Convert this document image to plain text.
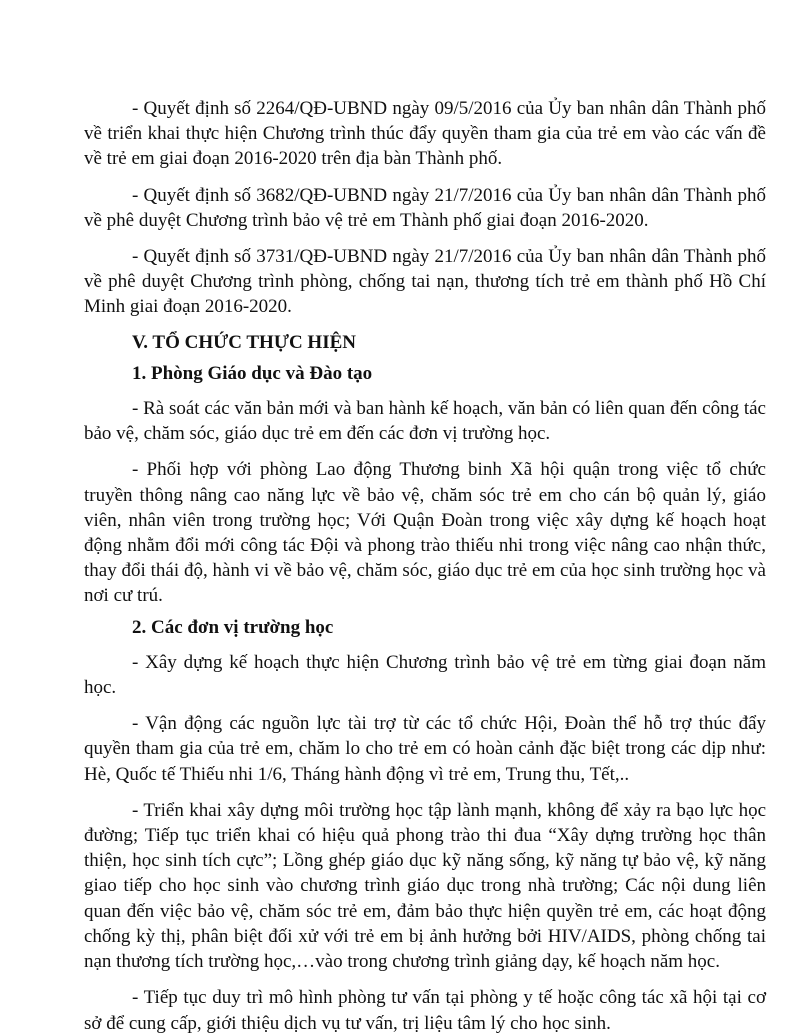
- Quyết định số 2264/QĐ-UBND ngày 09/5/2016 của Ủy ban nhân dân Thành phố về triển khai thực hiện Chương trình thúc đẩy quyền tham gia của trẻ em vào các vấn đề về trẻ em giai đoạn 2016-2020 trên địa bàn Thành phố.

- Quyết định số 3682/QĐ-UBND ngày 21/7/2016 của Ủy ban nhân dân Thành phố về phê duyệt Chương trình bảo vệ trẻ em Thành phố giai đoạn 2016-2020.

- Quyết định số 3731/QĐ-UBND ngày 21/7/2016 của Ủy ban nhân dân Thành phố về phê duyệt Chương trình phòng, chống tai nạn, thương tích trẻ em thành phố Hồ Chí Minh giai đoạn 2016-2020.

V. TỔ CHỨC THỰC HIỆN

1. Phòng Giáo dục và Đào tạo

- Rà soát các văn bản mới và ban hành kế hoạch, văn bản có liên quan đến công tác bảo vệ, chăm sóc, giáo dục trẻ em đến các đơn vị trường học.

- Phối hợp với phòng Lao động Thương binh Xã hội quận trong việc tổ chức truyền thông nâng cao năng lực về bảo vệ, chăm sóc trẻ em cho cán bộ quản lý, giáo viên, nhân viên trong trường học; Với Quận Đoàn trong việc xây dựng kế hoạch hoạt động nhằm đổi mới công tác Đội và phong trào thiếu nhi trong việc nâng cao nhận thức, thay đổi thái độ, hành vi về bảo vệ, chăm sóc, giáo dục trẻ em của học sinh trường học và nơi cư trú.

2. Các đơn vị trường học

- Xây dựng kế hoạch thực hiện Chương trình bảo vệ trẻ em từng giai đoạn năm học.

- Vận động các nguồn lực tài trợ từ các tổ chức Hội, Đoàn thể hỗ trợ thúc đẩy quyền tham gia của trẻ em, chăm lo cho trẻ em có hoàn cảnh đặc biệt trong các dịp như: Hè, Quốc tế Thiếu nhi 1/6, Tháng hành động vì trẻ em, Trung thu, Tết,..

- Triển khai xây dựng môi trường học tập lành mạnh, không để xảy ra bạo lực học đường; Tiếp tục triển khai có hiệu quả phong trào thi đua “Xây dựng trường học thân thiện, học sinh tích cực”; Lồng ghép giáo dục kỹ năng sống, kỹ năng tự bảo vệ, kỹ năng giao tiếp cho học sinh vào chương trình giáo dục trong nhà trường; Các nội dung liên quan đến việc bảo vệ, chăm sóc trẻ em, đảm bảo thực hiện quyền trẻ em, các hoạt động chống kỳ thị, phân biệt đối xử với trẻ em bị ảnh hưởng bởi HIV/AIDS, phòng chống tai nạn thương tích trường học,…vào trong chương trình giảng dạy, kế hoạch năm học.

- Tiếp tục duy trì mô hình phòng tư vấn tại phòng y tế hoặc công tác xã hội tại cơ sở để cung cấp, giới thiệu dịch vụ tư vấn, trị liệu tâm lý cho học sinh.
